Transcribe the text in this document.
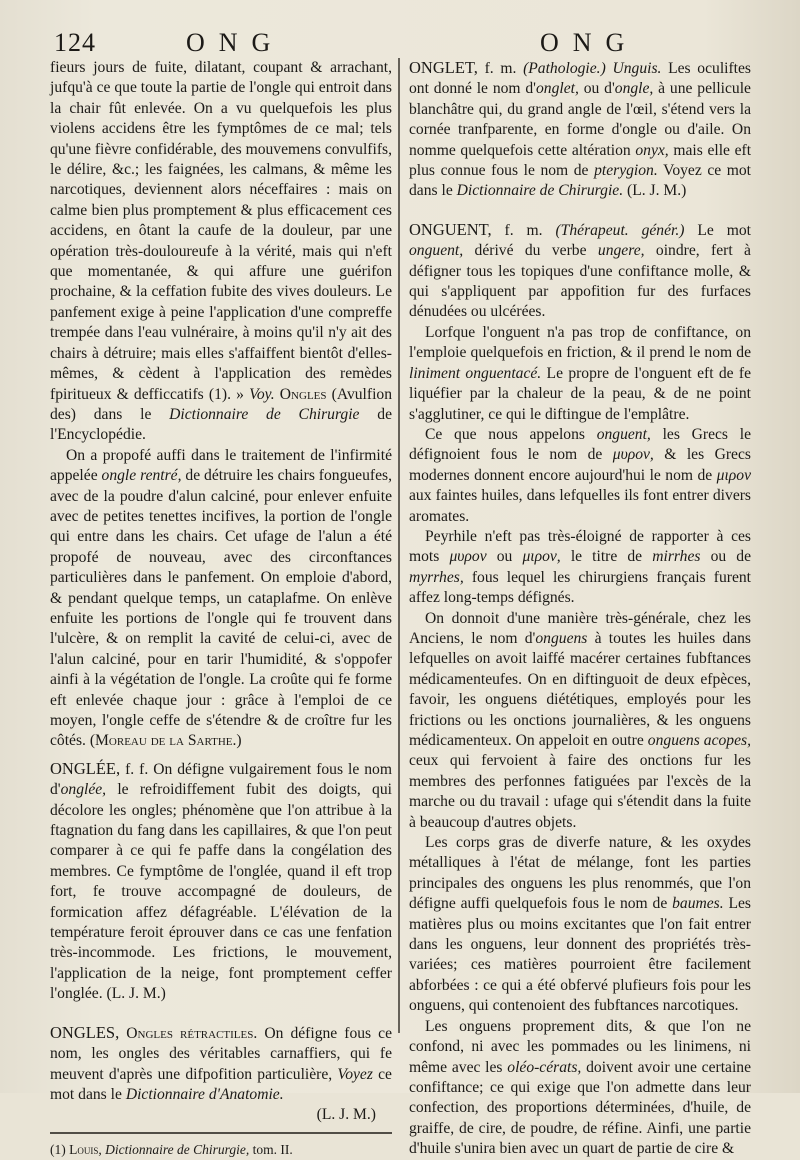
124	ONG	ONG

fieurs jours de fuite, dilatant, coupant & arrachant, jufqu'à ce que toute la partie de l'ongle qui entroit dans la chair fût enlevée. On a vu quelquefois les plus violens accidens être les fymptômes de ce mal; tels qu'une fièvre confidérable, des mouvemens convulfifs, le délire, &c.; les faignées, les calmans, & même les narcotiques, deviennent alors néceffaires : mais on calme bien plus promptement & plus efficacement ces accidens, en ôtant la caufe de la douleur, par une opération très-douloureufe à la vérité, mais qui n'eft que momentanée, & qui affure une guérifon prochaine, & la ceffation fubite des vives douleurs. Le panfement exige à peine l'application d'une compreffe trempée dans l'eau vulnéraire, à moins qu'il n'y ait des chairs à détruire; mais elles s'affaiffent bientôt d'elles-mêmes, & cèdent à l'application des remèdes fpiritueux & defficcatifs (1). » Voy. Ongles (Avulfion des) dans le Dictionnaire de Chirurgie de l'Encyclopédie.

On a propofé auffi dans le traitement de l'infirmité appelée ongle rentré, de détruire les chairs fongueufes, avec de la poudre d'alun calciné, pour enlever enfuite avec de petites tenettes incifives, la portion de l'ongle qui entre dans les chairs. Cet ufage de l'alun a été propofé de nouveau, avec des circonftances particulières dans le panfement. On emploie d'abord, & pendant quelque temps, un cataplafme. On enlève enfuite les portions de l'ongle qui fe trouvent dans l'ulcère, & on remplit la cavité de celui-ci, avec de l'alun calciné, pour en tarir l'humidité, & s'oppofer ainfi à la végétation de l'ongle. La croûte qui fe forme eft enlevée chaque jour : grâce à l'emploi de ce moyen, l'ongle ceffe de s'étendre & de croître fur les côtés. (Moreau de la Sarthe.)

ONGLÉE, f. f. On défigne vulgairement fous le nom d'onglée, le refroidiffement fubit des doigts, qui décolore les ongles; phénomène que l'on attribue à la ftagnation du fang dans les capillaires, & que l'on peut comparer à ce qui fe paffe dans la congélation des membres. Ce fymptôme de l'onglée, quand il eft trop fort, fe trouve accompagné de douleurs, de formication affez défagréable. L'élévation de la température feroit éprouver dans ce cas une fenfation très-incommode. Les frictions, le mouvement, l'application de la neige, font promptement ceffer l'onglée. (L. J. M.)

ONGLES, Ongles rétractiles. On défigne fous ce nom, les ongles des véritables carnaffiers, qui fe meuvent d'après une difpofition particulière, Voyez ce mot dans le Dictionnaire d'Anatomie.

(L. J. M.)

(1) Louis, Dictionnaire de Chirurgie, tom. II.

ONGLET, f. m. (Pathologie.) Unguis. Les oculiftes ont donné le nom d'onglet, ou d'ongle, à une pellicule blanchâtre qui, du grand angle de l'œil, s'étend vers la cornée tranfparente, en forme d'ongle ou d'aile. On nomme quelquefois cette altération onyx, mais elle eft plus connue fous le nom de pterygion. Voyez ce mot dans le Dictionnaire de Chirurgie. (L. J. M.)

ONGUENT, f. m. (Thérapeut. génér.) Le mot onguent, dérivé du verbe ungere, oindre, fert à défigner tous les topiques d'une confiftance molle, & qui s'appliquent par appofition fur des furfaces dénudées ou ulcérées.

Lorfque l'onguent n'a pas trop de confiftance, on l'emploie quelquefois en friction, & il prend le nom de liniment onguentacé. Le propre de l'onguent eft de fe liquéfier par la chaleur de la peau, & de ne point s'agglutiner, ce qui le diftingue de l'emplâtre.

Ce que nous appelons onguent, les Grecs le défignoient fous le nom de μυρον, & les Grecs modernes donnent encore aujourd'hui le nom de μιρον aux faintes huiles, dans lefquelles ils font entrer divers aromates.

Peyrhile n'eft pas très-éloigné de rapporter à ces mots μυρον ou μιρον, le titre de mirrhes ou de myrrhes, fous lequel les chirurgiens français furent affez long-temps défignés.

On donnoit d'une manière très-générale, chez les Anciens, le nom d'onguens à toutes les huiles dans lefquelles on avoit laiffé macérer certaines fubftances médicamenteufes. On en diftinguoit de deux efpèces, favoir, les onguens diététiques, employés pour les frictions ou les onctions journalières, & les onguens médicamenteux. On appeloit en outre onguens acopes, ceux qui fervoient à faire des onctions fur les membres des perfonnes fatiguées par l'excès de la marche ou du travail : ufage qui s'étendit dans la fuite à beaucoup d'autres objets.

Les corps gras de diverfe nature, & les oxydes métalliques à l'état de mélange, font les parties principales des onguens les plus renommés, que l'on défigne auffi quelquefois fous le nom de baumes. Les matières plus ou moins excitantes que l'on fait entrer dans les onguens, leur donnent des propriétés très-variées; ces matières pourroient être facilement abforbées : ce qui a été obfervé plufieurs fois pour les onguens, qui contenoient des fubftances narcotiques.

Les onguens proprement dits, & que l'on ne confond, ni avec les pommades ou les linimens, ni même avec les oléo-cérats, doivent avoir une certaine confiftance; ce qui exige que l'on admette dans leur confection, des proportions déterminées, d'huile, de graiffe, de cire, de poudre, de réfine. Ainfi, une partie d'huile s'unira bien avec un quart de partie de cire &
